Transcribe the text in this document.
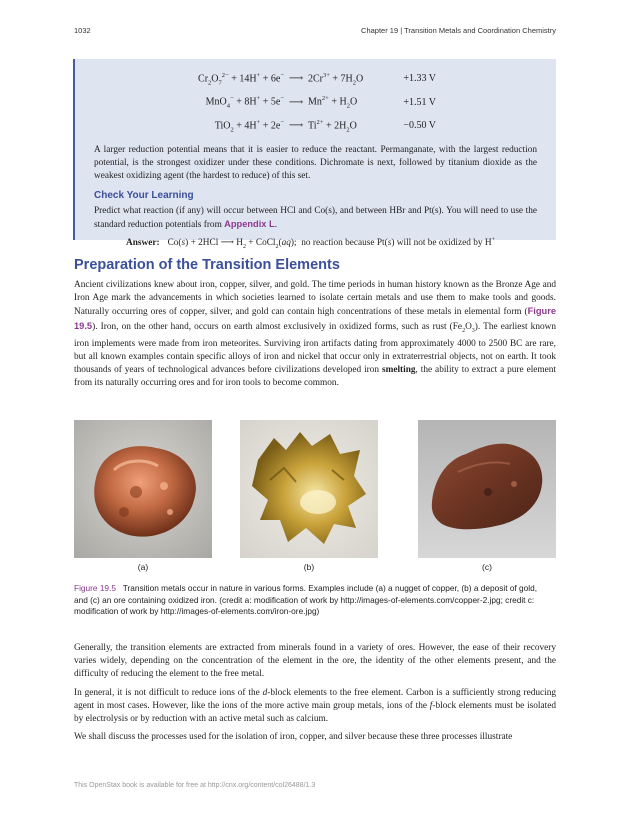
1032	Chapter 19 | Transition Metals and Coordination Chemistry
$Cr_2O_7^{2-} + 14H^+ + 6e^-$ ⟶ $2Cr^{3+} + 7H_2O$	+1.33 V
MnO$_4$− + 8H+ + 5e− ⟶ $Mn^{2+} + H_2O$	+1.51 V
TiO$_2$ + 4H+ + 2e− ⟶ $Ti^{2+} + 2H_2O$	−0.50 V

A larger reduction potential means that it is easier to reduce the reactant. Permanganate, with the largest reduction potential, is the strongest oxidizer under these conditions. Dichromate is next, followed by titanium dioxide as the weakest oxidizing agent (the hardest to reduce) of this set.

Check Your Learning

Predict what reaction (if any) will occur between HCl and Co(s), and between HBr and Pt(s). You will need to use the standard reduction potentials from Appendix L.

Answer: Co(s) + 2HCl ⟶ $H_2$ + CoCl$_2$(aq);  no reaction because Pt(s) will not be oxidized by H+
Preparation of the Transition Elements

Ancient civilizations knew about iron, copper, silver, and gold. The time periods in human history known as the Bronze Age and Iron Age mark the advancements in which societies learned to isolate certain metals and use them to make tools and goods. Naturally occurring ores of copper, silver, and gold can contain high concentrations of these metals in elemental form (Figure 19.5). Iron, on the other hand, occurs on earth almost exclusively in oxidized forms, such as rust $(Fe_2O_3)$. The earliest known iron implements were made from iron meteorites. Surviving iron artifacts dating from approximately 4000 to 2500 BC are rare, but all known examples contain specific alloys of iron and nickel that occur only in extraterrestrial objects, not on earth. It took thousands of years of technological advances before civilizations developed iron smelting, the ability to extract a pure element from its naturally occurring ores and for iron tools to become common.

(a)	(b)	(c)

Figure 19.5 Transition metals occur in nature in various forms. Examples include (a) a nugget of copper, (b) a deposit of gold, and (c) an ore containing oxidized iron. (credit a: modification of work by http://images-of-elements.com/copper-2.jpg; credit c: modification of work by http://images-of-elements.com/iron-ore.jpg)

Generally, the transition elements are extracted from minerals found in a variety of ores. However, the ease of their recovery varies widely, depending on the concentration of the element in the ore, the identity of the other elements present, and the difficulty of reducing the element to the free metal.

In general, it is not difficult to reduce ions of the d-block elements to the free element. Carbon is a sufficiently strong reducing agent in most cases. However, like the ions of the more active main group metals, ions of the f-block elements must be isolated by electrolysis or by reduction with an active metal such as calcium.

We shall discuss the processes used for the isolation of iron, copper, and silver because these three processes illustrate

This OpenStax book is available for free at http://cnx.org/content/col26488/1.3
